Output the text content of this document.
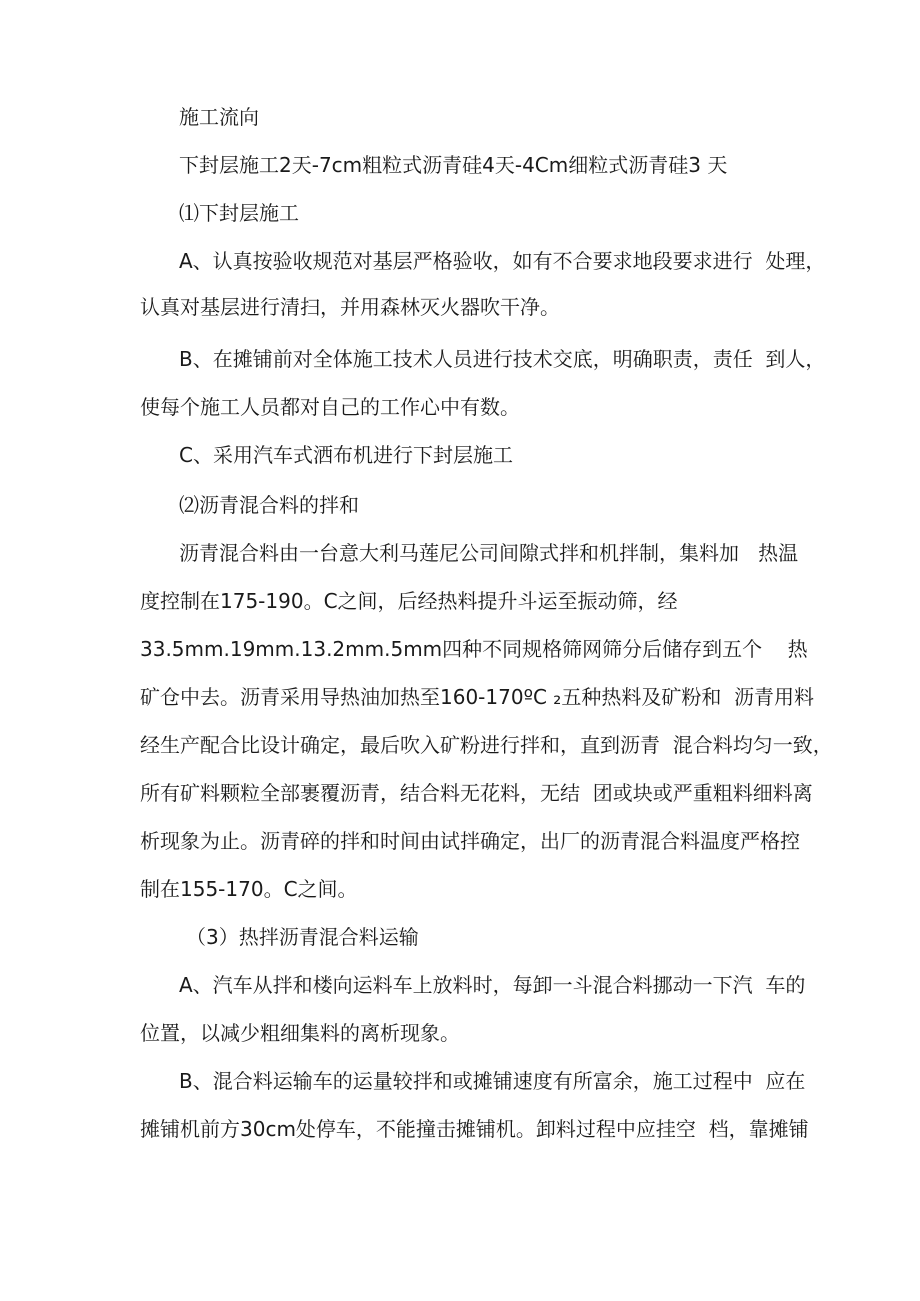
施工流向

下封层施工2天-7cm粗粒式沥青硅4天-4Cm细粒式沥青硅3 天

⑴下封层施工

A、认真按验收规范对基层严格验收，如有不合要求地段要求进行  处理，

认真对基层进行清扫，并用森林灭火器吹干净。

B、在摊铺前对全体施工技术人员进行技术交底，明确职责，责任  到人，

使每个施工人员都对自己的工作心中有数。

C、采用汽车式洒布机进行下封层施工

⑵沥青混合料的拌和

沥青混合料由一台意大利马莲尼公司间隙式拌和机拌制，集料加   热温

度控制在175-190。C之间，后经热料提升斗运至振动筛，经

33.5mm.19mm.13.2mm.5mm四种不同规格筛网筛分后储存到五个    热

矿仓中去。沥青采用导热油加热至160-170ºC ₂五种热料及矿粉和  沥青用料

经生产配合比设计确定，最后吹入矿粉进行拌和，直到沥青  混合料均匀一致，

所有矿料颗粒全部裹覆沥青，结合料无花料，无结  团或块或严重粗料细料离

析现象为止。沥青碎的拌和时间由试拌确定，出厂的沥青混合料温度严格控

制在155-170。C之间。

（3）热拌沥青混合料运输

A、汽车从拌和楼向运料车上放料时，每卸一斗混合料挪动一下汽  车的

位置，以减少粗细集料的离析现象。

B、混合料运输车的运量较拌和或摊铺速度有所富余，施工过程中  应在

摊铺机前方30cm处停车，不能撞击摊铺机。卸料过程中应挂空  档，靠摊铺
